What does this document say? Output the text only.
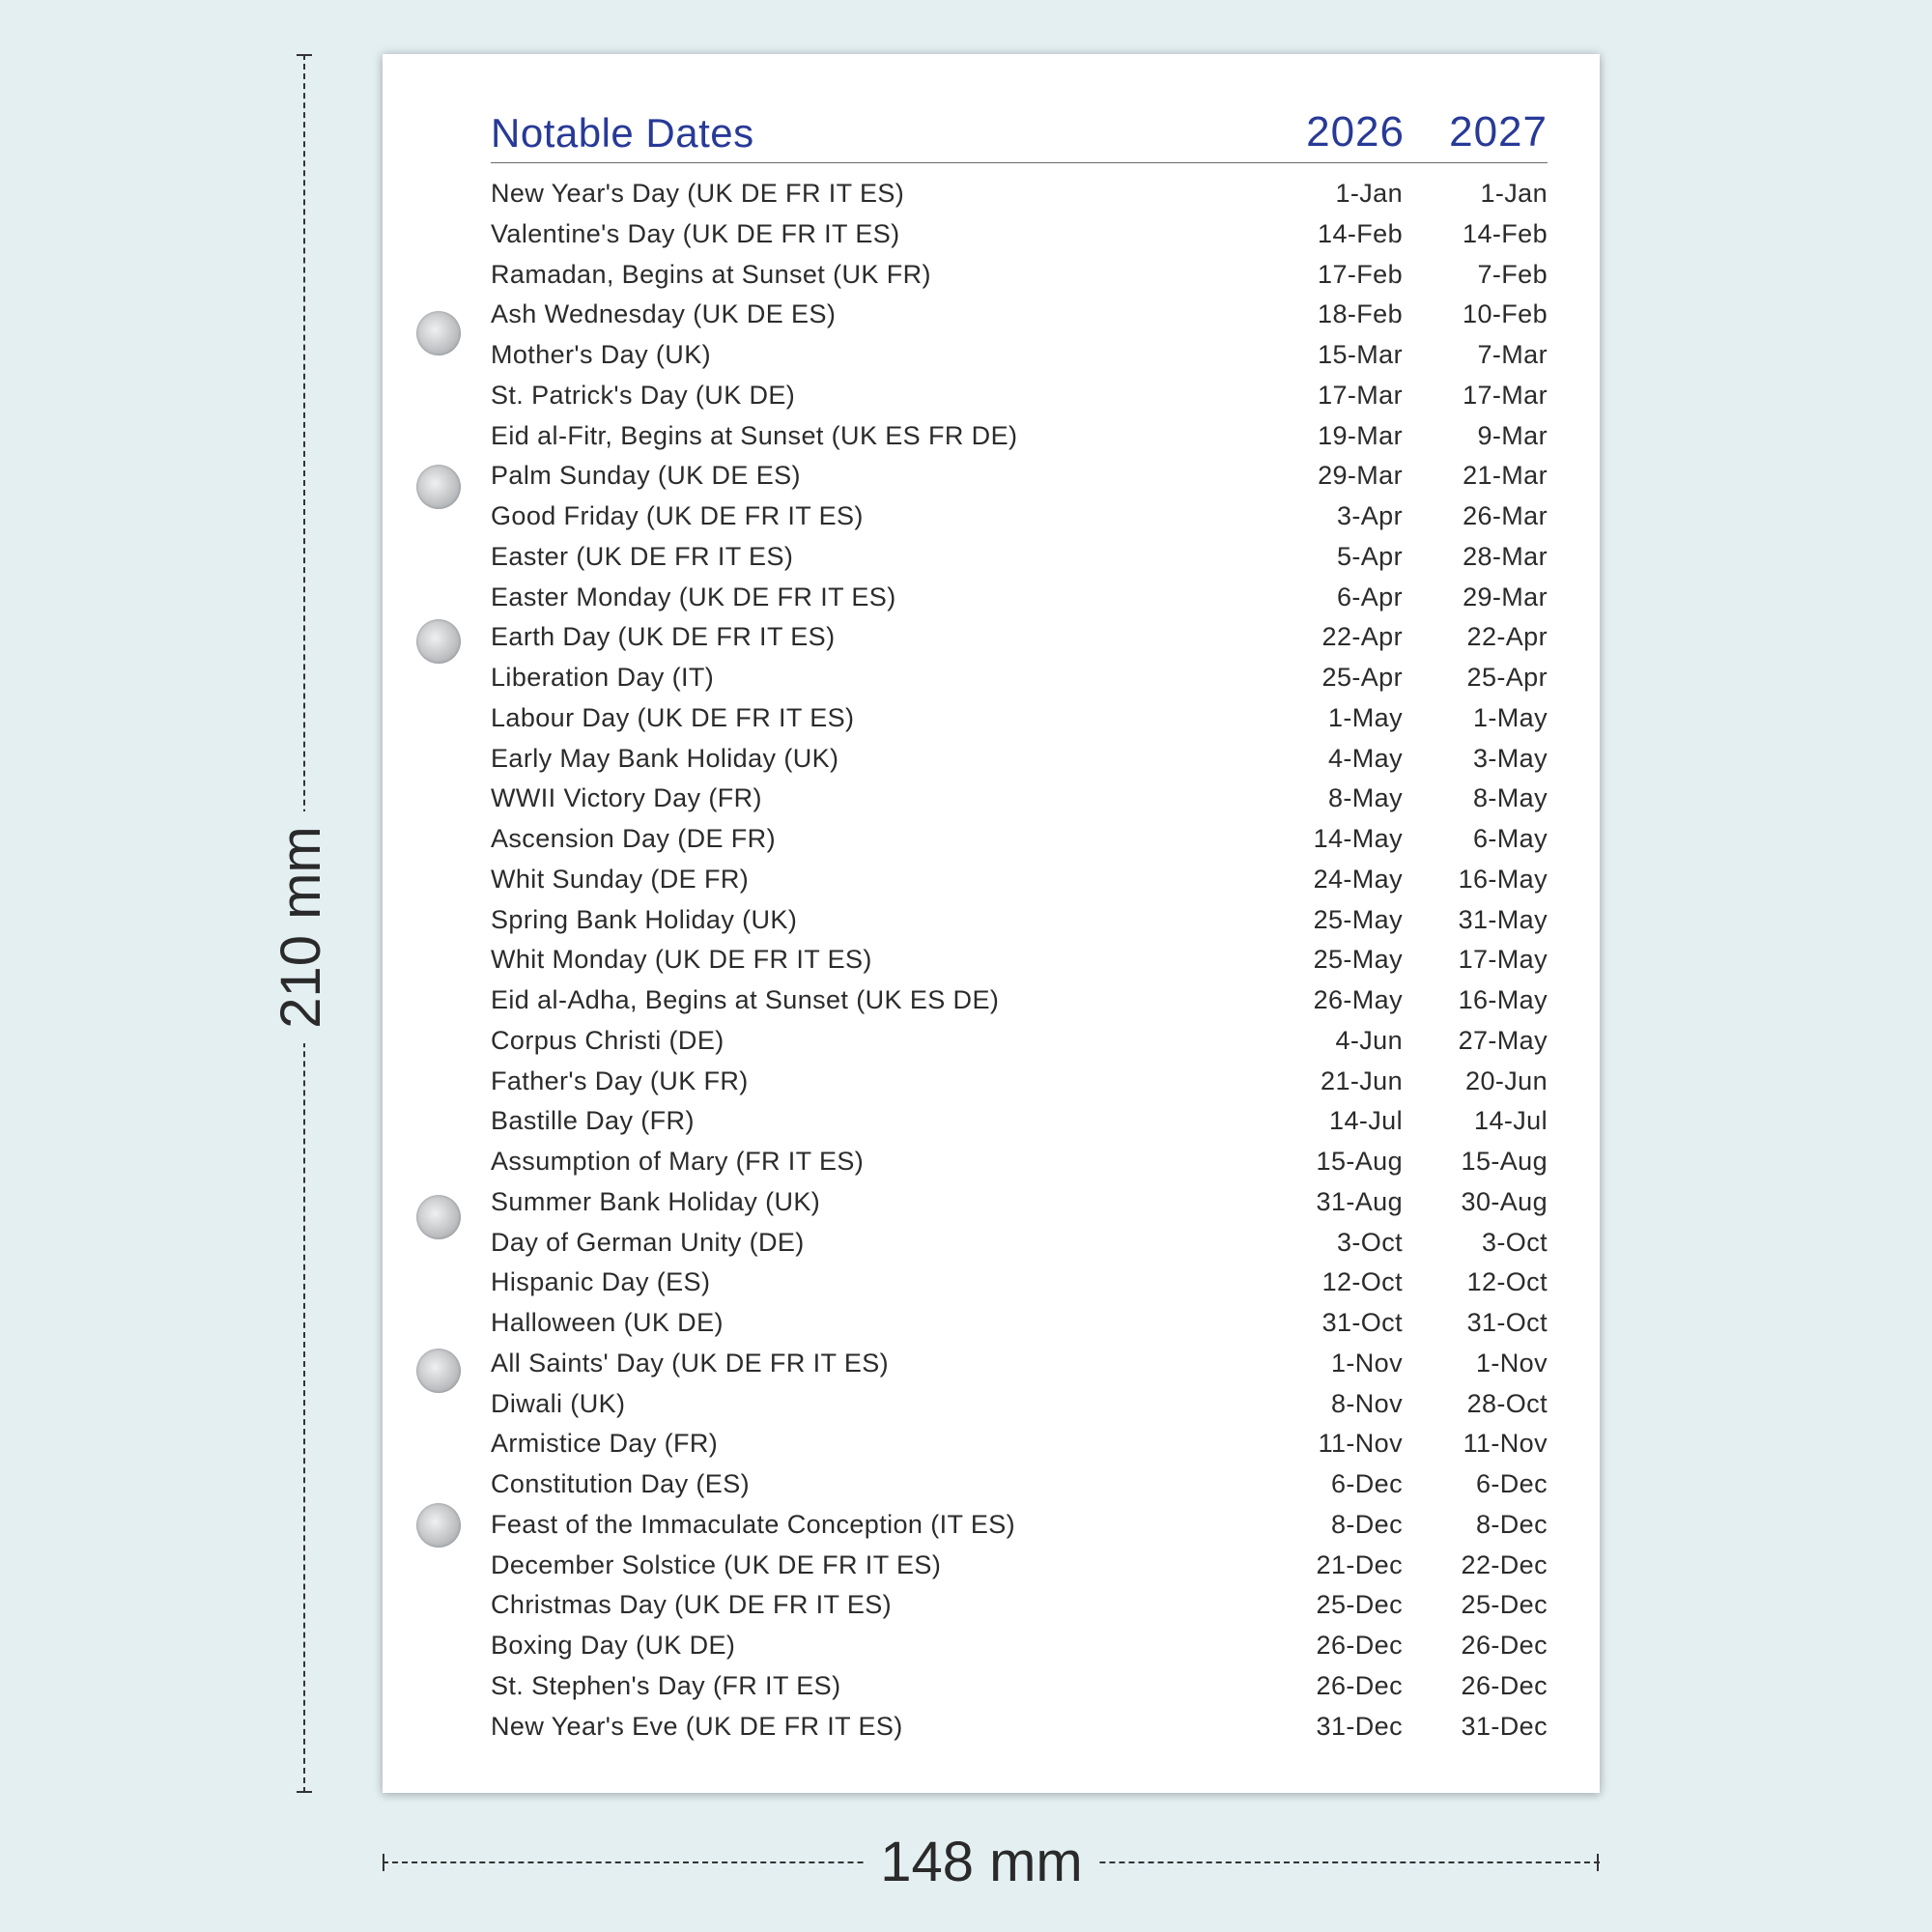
210 mm
148 mm
Notable Dates	2026	2027
New Year's Day (UK DE FR IT ES)	1-Jan	1-Jan
Valentine's Day (UK DE FR IT ES)	14-Feb	14-Feb
Ramadan, Begins at Sunset (UK FR)	17-Feb	7-Feb
Ash Wednesday (UK DE ES)	18-Feb	10-Feb
Mother's Day (UK)	15-Mar	7-Mar
St. Patrick's Day (UK DE)	17-Mar	17-Mar
Eid al-Fitr, Begins at Sunset (UK ES FR DE)	19-Mar	9-Mar
Palm Sunday (UK DE ES)	29-Mar	21-Mar
Good Friday (UK DE FR IT ES)	3-Apr	26-Mar
Easter (UK DE FR IT ES)	5-Apr	28-Mar
Easter Monday (UK DE FR IT ES)	6-Apr	29-Mar
Earth Day (UK DE FR IT ES)	22-Apr	22-Apr
Liberation Day (IT)	25-Apr	25-Apr
Labour Day (UK DE FR IT ES)	1-May	1-May
Early May Bank Holiday (UK)	4-May	3-May
WWII Victory Day (FR)	8-May	8-May
Ascension Day (DE FR)	14-May	6-May
Whit Sunday (DE FR)	24-May	16-May
Spring Bank Holiday (UK)	25-May	31-May
Whit Monday (UK DE FR IT ES)	25-May	17-May
Eid al-Adha, Begins at Sunset (UK ES DE)	26-May	16-May
Corpus Christi (DE)	4-Jun	27-May
Father's Day (UK FR)	21-Jun	20-Jun
Bastille Day (FR)	14-Jul	14-Jul
Assumption of Mary (FR IT ES)	15-Aug	15-Aug
Summer Bank Holiday (UK)	31-Aug	30-Aug
Day of German Unity (DE)	3-Oct	3-Oct
Hispanic Day (ES)	12-Oct	12-Oct
Halloween (UK DE)	31-Oct	31-Oct
All Saints' Day (UK DE FR IT ES)	1-Nov	1-Nov
Diwali (UK)	8-Nov	28-Oct
Armistice Day (FR)	11-Nov	11-Nov
Constitution Day (ES)	6-Dec	6-Dec
Feast of the Immaculate Conception (IT ES)	8-Dec	8-Dec
December Solstice (UK DE FR IT ES)	21-Dec	22-Dec
Christmas Day (UK DE FR IT ES)	25-Dec	25-Dec
Boxing Day (UK DE)	26-Dec	26-Dec
St. Stephen's Day (FR IT ES)	26-Dec	26-Dec
New Year's Eve (UK DE FR IT ES)	31-Dec	31-Dec
